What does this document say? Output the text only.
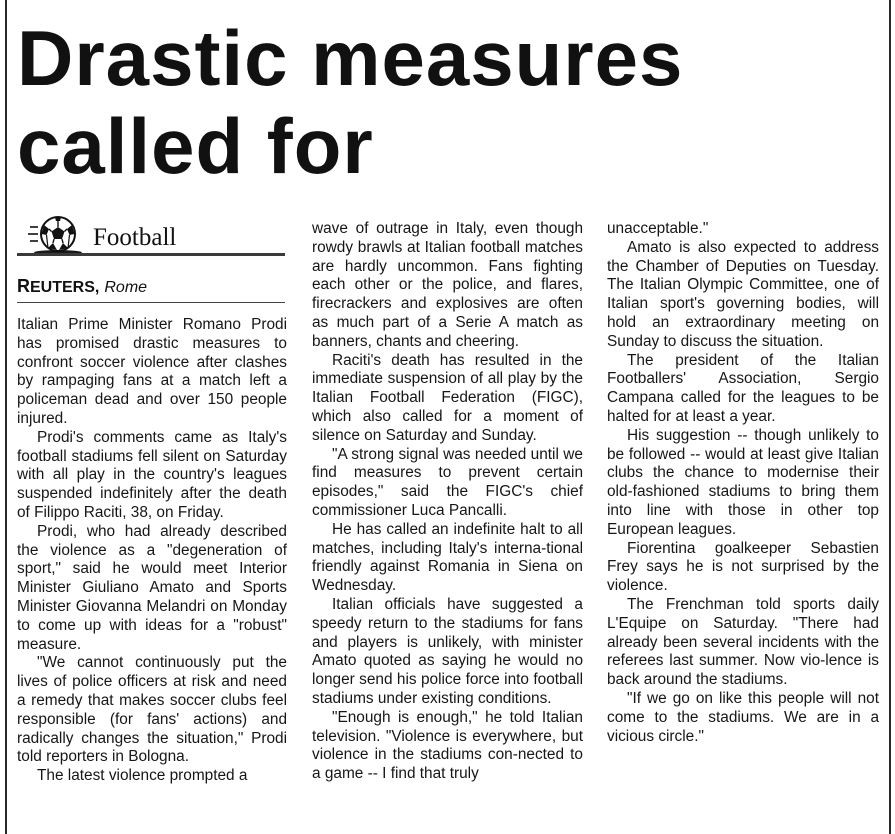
Drastic measures
called for
Football
REUTERS, Rome

Italian Prime Minister Romano Prodi has promised drastic measures to confront soccer violence after clashes by rampaging fans at a match left a policeman dead and over 150 people injured.

Prodi's comments came as Italy's football stadiums fell silent on Saturday with all play in the country's leagues suspended indefinitely after the death of Filippo Raciti, 38, on Friday.

Prodi, who had already described the violence as a "degeneration of sport," said he would meet Interior Minister Giuliano Amato and Sports Minister Giovanna Melandri on Monday to come up with ideas for a "robust" measure.

"We cannot continuously put the lives of police officers at risk and need a remedy that makes soccer clubs feel responsible (for fans' actions) and radically changes the situation," Prodi told reporters in Bologna.

The latest violence prompted a

wave of outrage in Italy, even though rowdy brawls at Italian football matches are hardly uncommon. Fans fighting each other or the police, and flares, firecrackers and explosives are often as much part of a Serie A match as banners, chants and cheering.

Raciti's death has resulted in the immediate suspension of all play by the Italian Football Federation (FIGC), which also called for a moment of silence on Saturday and Sunday.

"A strong signal was needed until we find measures to prevent certain episodes," said the FIGC's chief commissioner Luca Pancalli.

He has called an indefinite halt to all matches, including Italy's interna-tional friendly against Romania in Siena on Wednesday.

Italian officials have suggested a speedy return to the stadiums for fans and players is unlikely, with minister Amato quoted as saying he would no longer send his police force into football stadiums under existing conditions.

"Enough is enough," he told Italian television. "Violence is everywhere, but violence in the stadiums con-nected to a game -- I find that truly

unacceptable."

Amato is also expected to address the Chamber of Deputies on Tuesday. The Italian Olympic Committee, one of Italian sport's governing bodies, will hold an extraordinary meeting on Sunday to discuss the situation.

The president of the Italian Footballers' Association, Sergio Campana called for the leagues to be halted for at least a year.

His suggestion -- though unlikely to be followed -- would at least give Italian clubs the chance to modernise their old-fashioned stadiums to bring them into line with those in other top European leagues.

Fiorentina goalkeeper Sebastien Frey says he is not surprised by the violence.

The Frenchman told sports daily L'Equipe on Saturday. "There had already been several incidents with the referees last summer. Now vio-lence is back around the stadiums.

"If we go on like this people will not come to the stadiums. We are in a vicious circle."
